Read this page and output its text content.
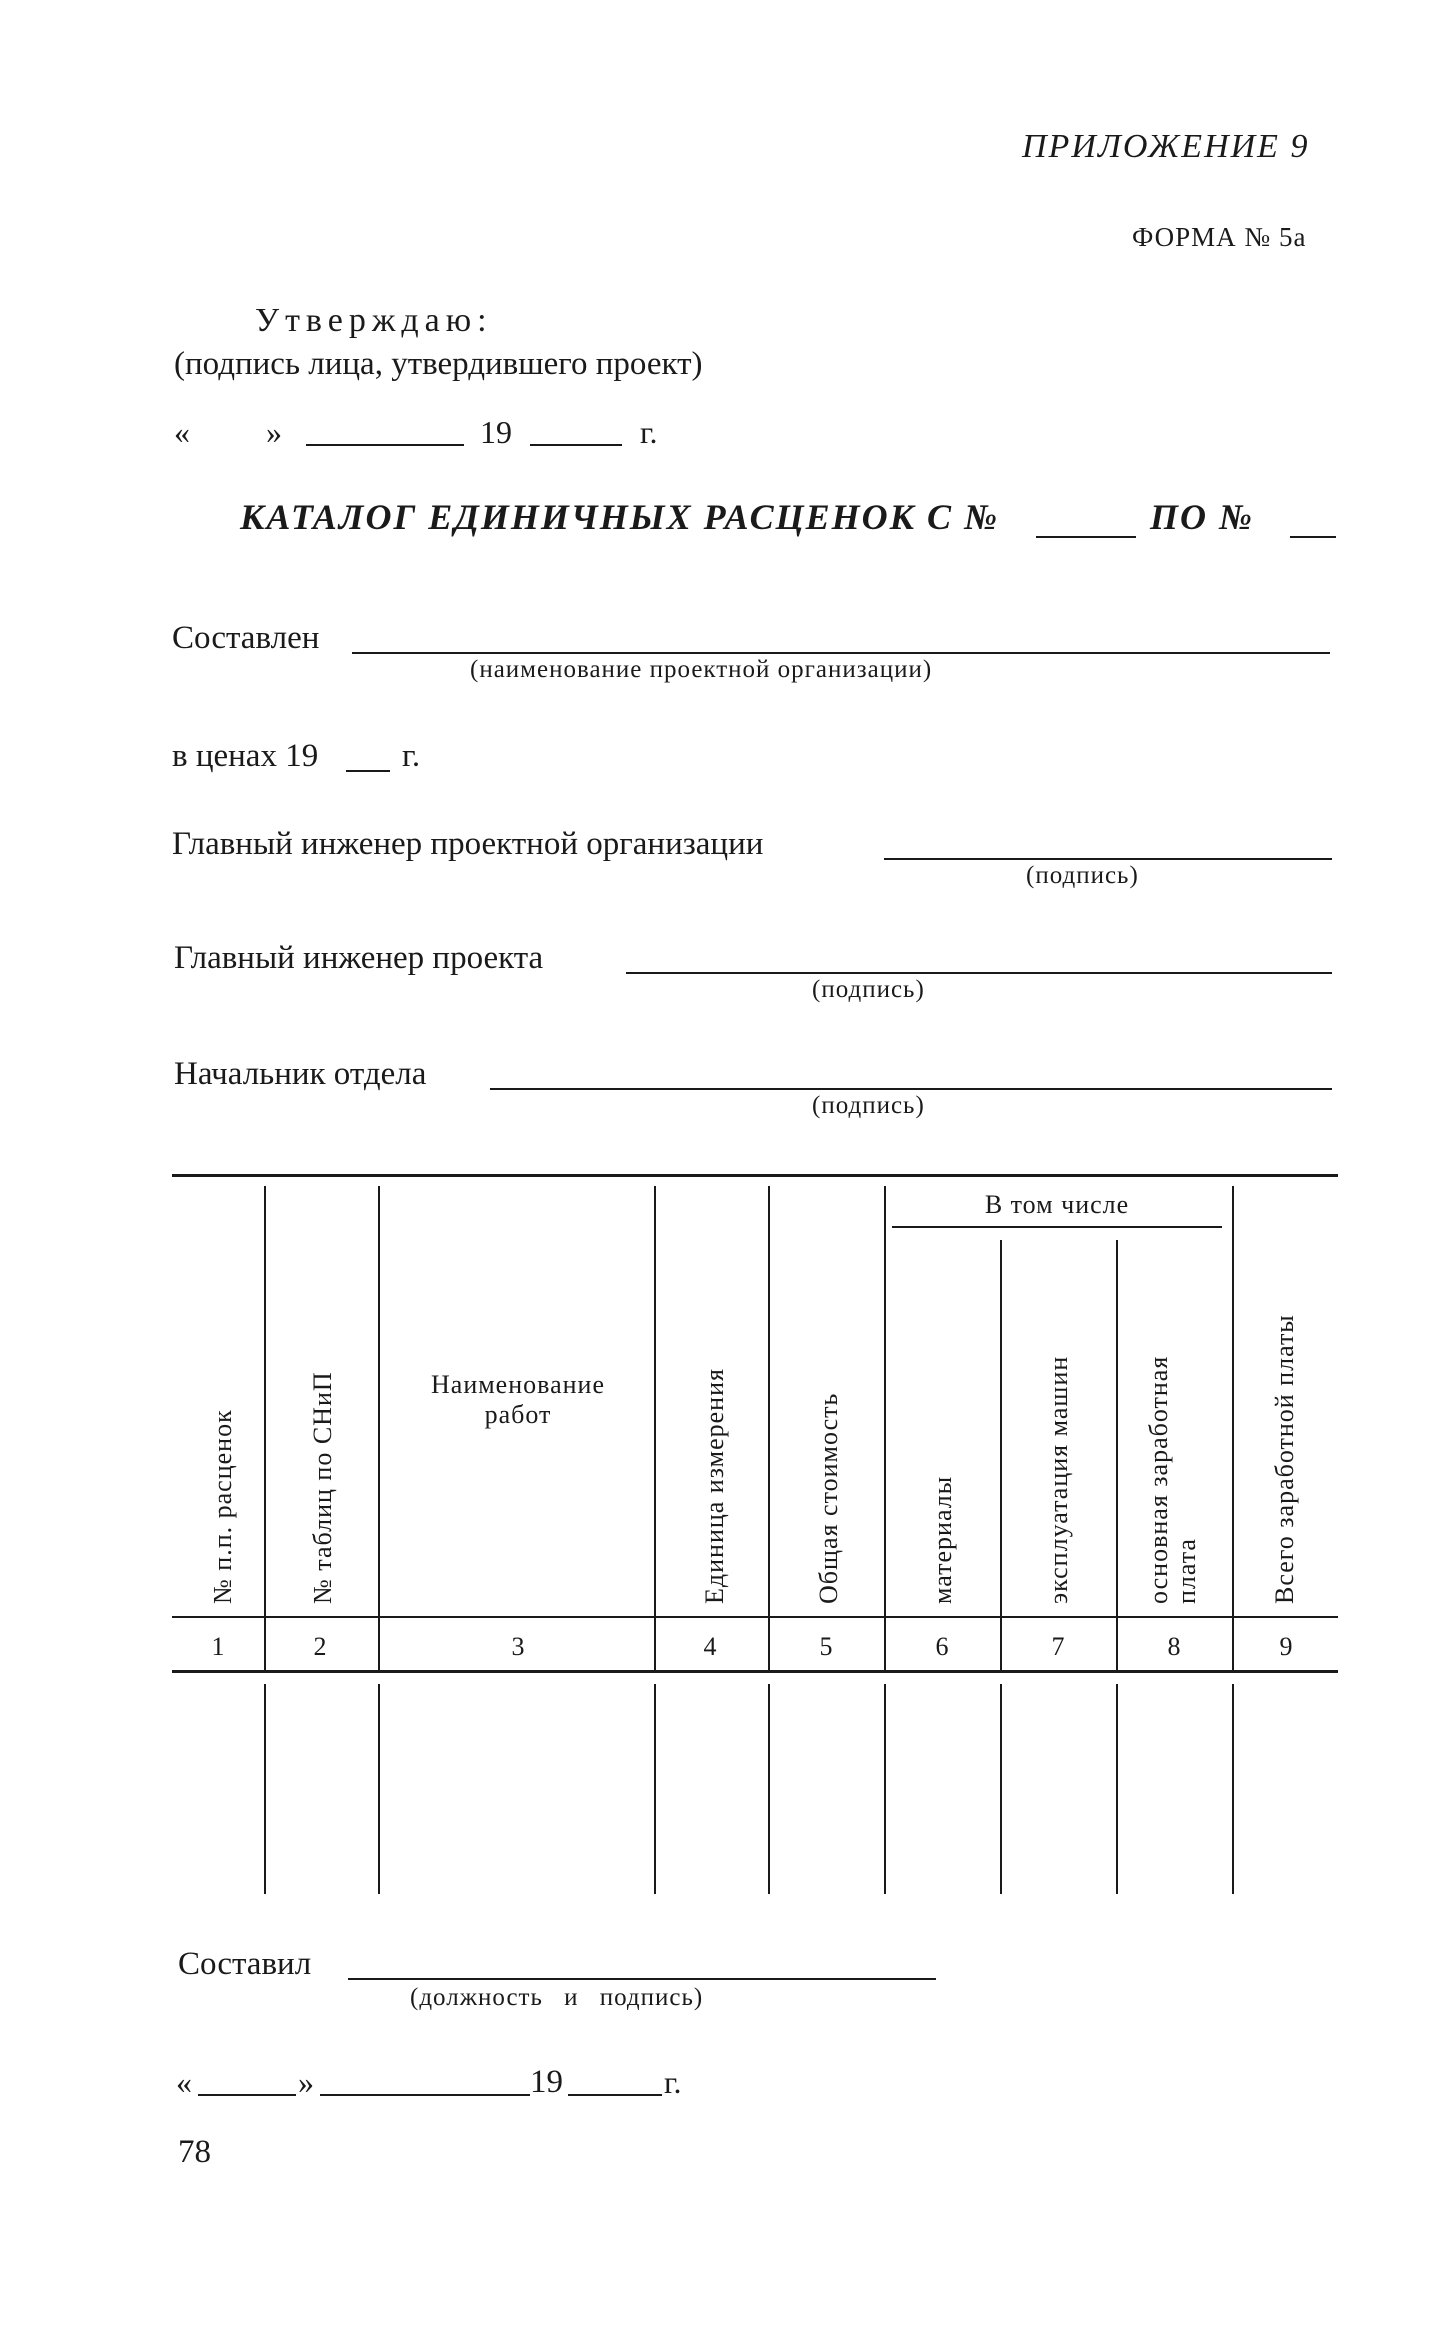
ПРИЛОЖЕНИЕ 9
ФОРМА № 5а
Утверждаю:
(подпись лица, утвердившего проект)
« »	19	г.
КАТАЛОГ ЕДИНИЧНЫХ РАСЦЕНОК С №	ПО №
Составлен
(наименование проектной организации)
в ценах 19	г.
Главный инженер проектной организации
(подпись)
Главный инженер проекта
(подпись)
Начальник отдела
(подпись)
В том числе
№ п.п. расценок	№ таблиц по СНиП	Наименование работ	Единица измерения	Общая стоимость	материалы	эксплуатация машин	основная заработная плата	Всего заработной платы
1	2	3	4	5	6	7	8	9
Составил
(должность и подпись)
«	»	19	г.
78
